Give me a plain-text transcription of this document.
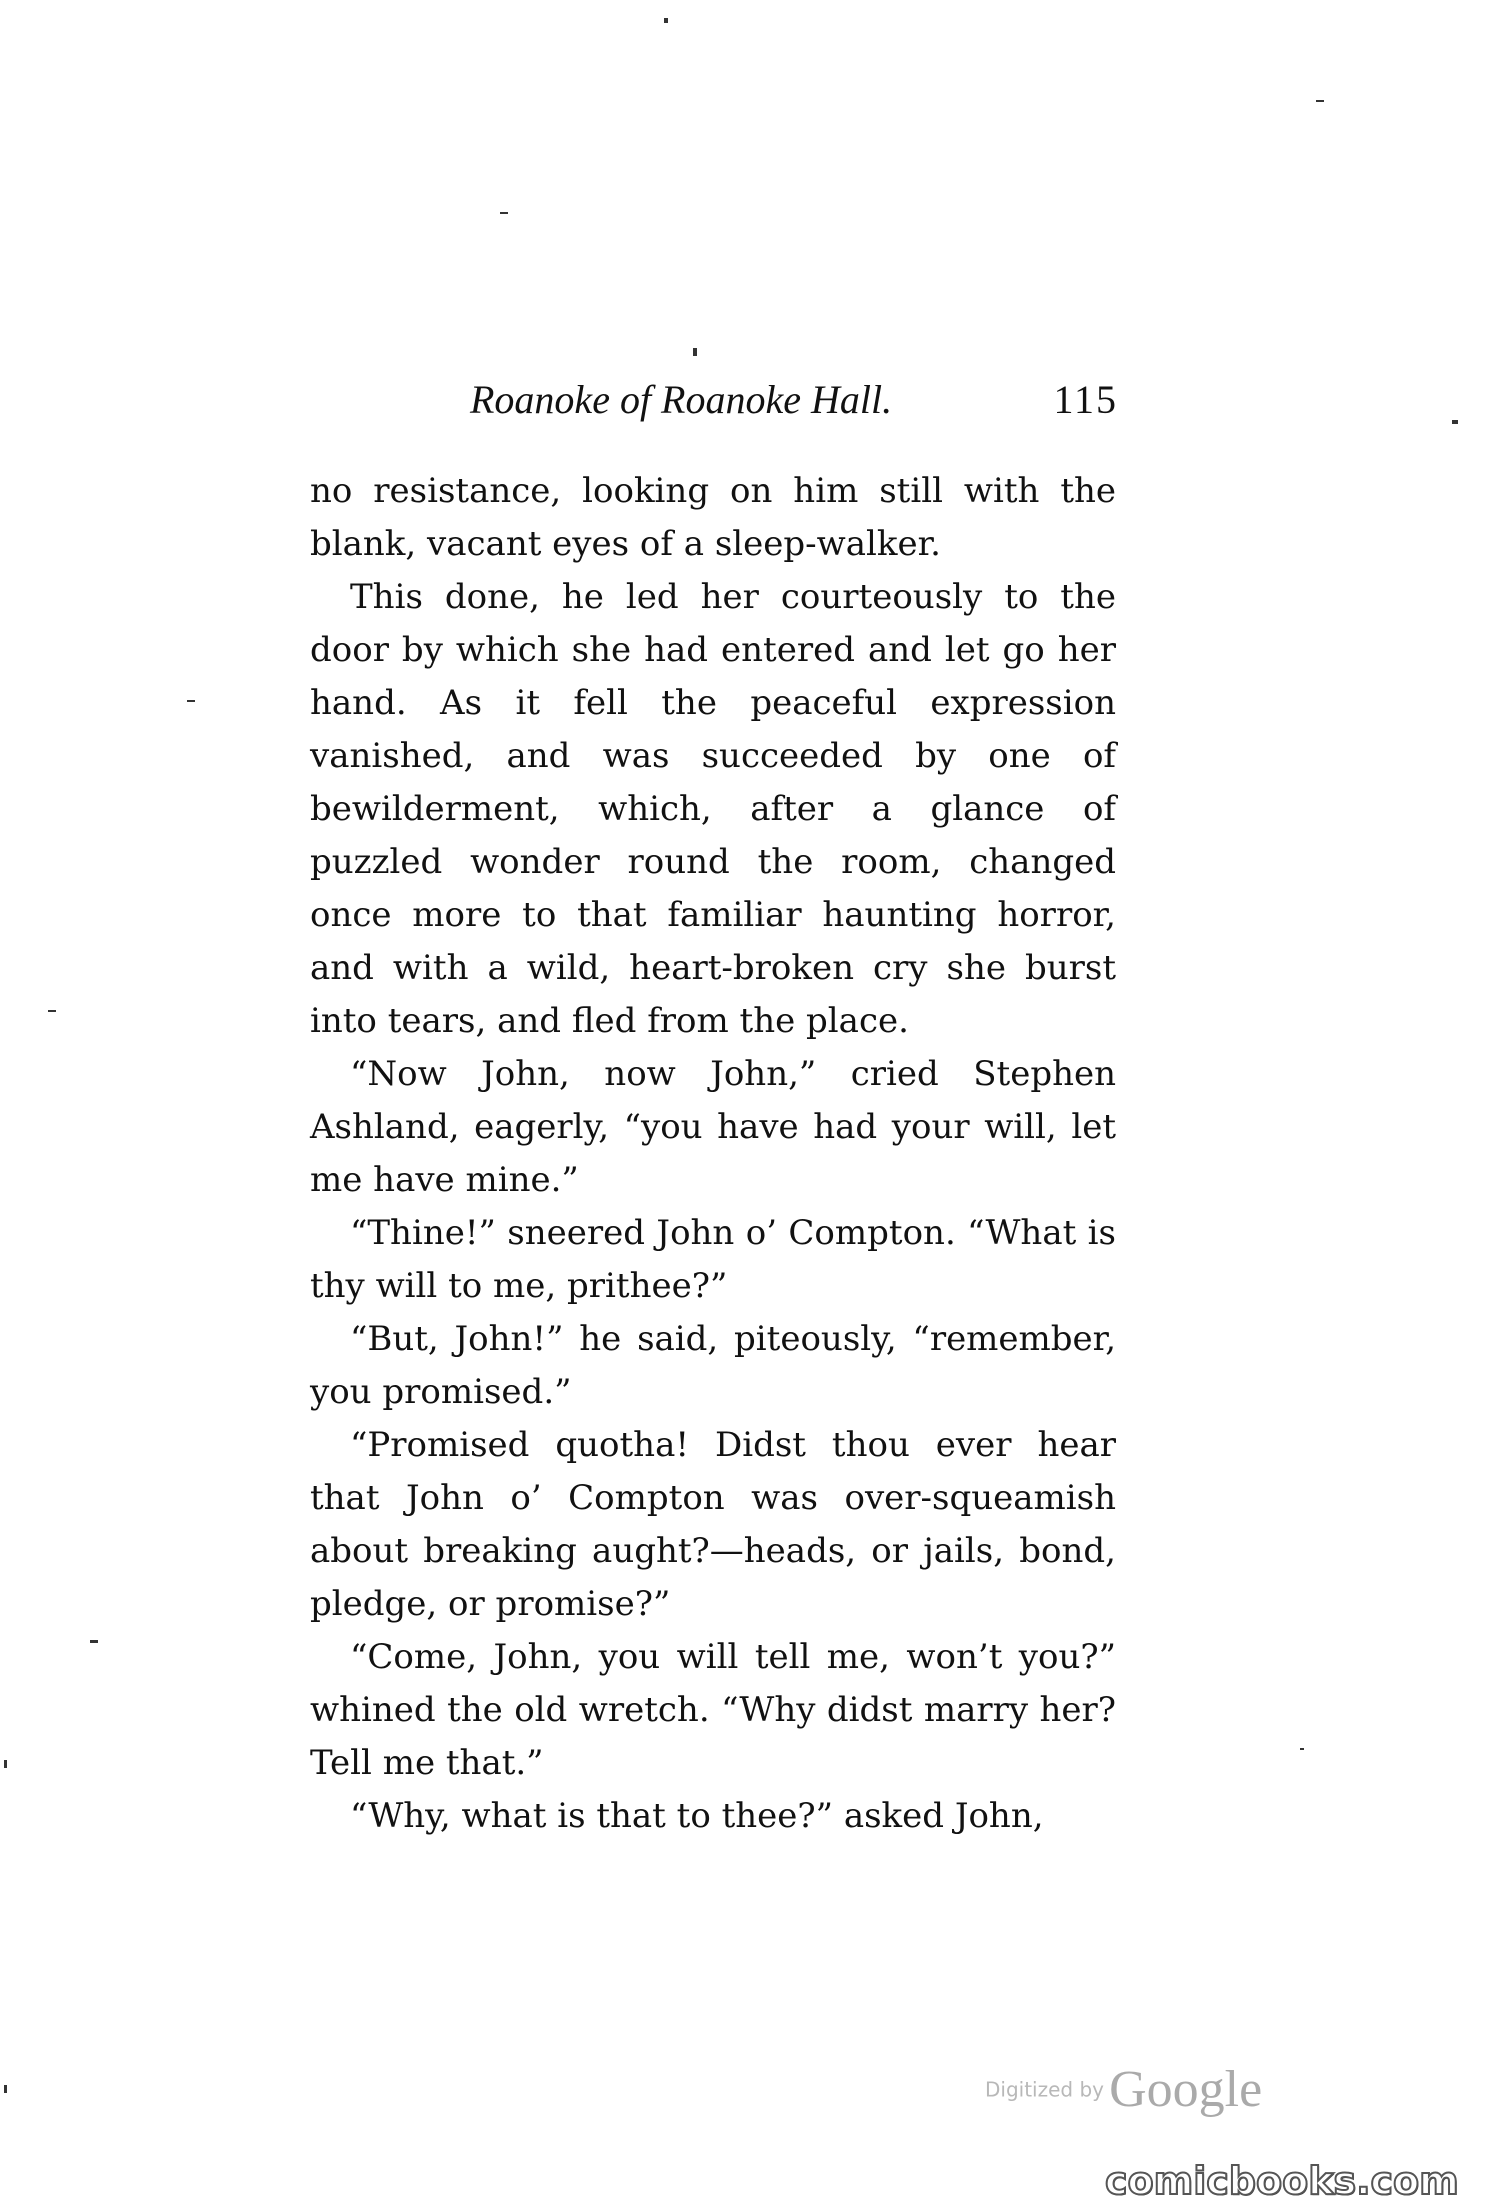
Roanoke of Roanoke Hall.	115

no resistance, looking on him still with the blank, vacant eyes of a sleep-walker.

This done, he led her courteously to the door by which she had entered and let go her hand. As it fell the peaceful expression vanished, and was succeeded by one of bewilderment, which, after a glance of puzzled wonder round the room, changed once more to that familiar haunting horror, and with a wild, heart-broken cry she burst into tears, and fled from the place.

“Now John, now John,” cried Stephen Ashland, eagerly, “you have had your will, let me have mine.”

“Thine!” sneered John o’ Compton. “What is thy will to me, prithee?”

“But, John!” he said, piteously, “remember, you promised.”

“Promised quotha! Didst thou ever hear that John o’ Compton was over-squeamish about breaking aught?—heads, or jails, bond, pledge, or promise?”

“Come, John, you will tell me, won’t you?” whined the old wretch. “Why didst marry her? Tell me that.”

“Why, what is that to thee?” asked John,

Digitized by Google
comicbooks.com
